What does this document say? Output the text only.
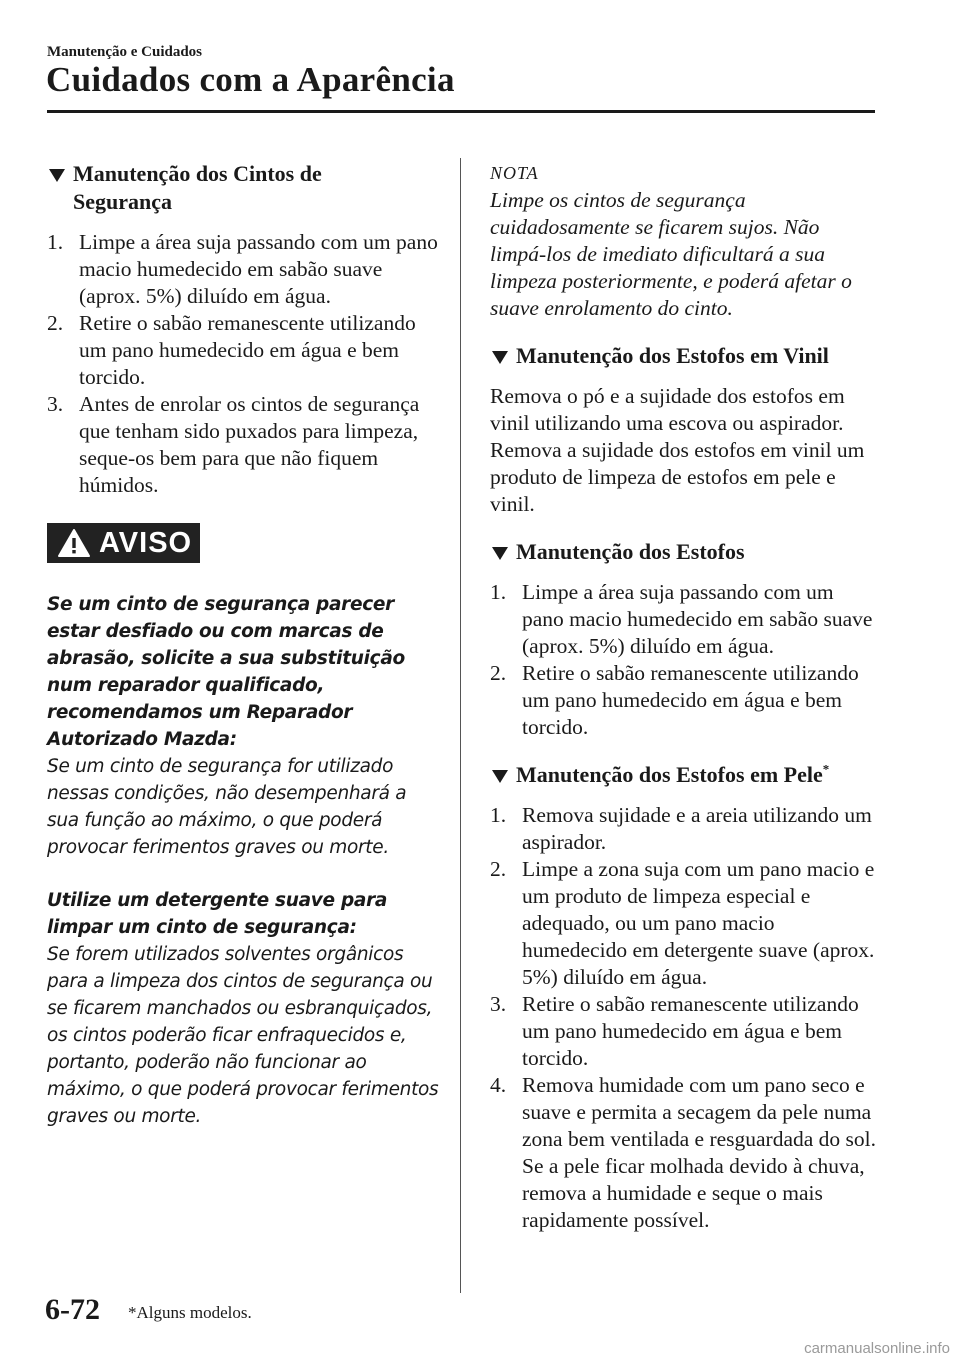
Manutenção e Cuidados
Cuidados com a Aparência
Manutenção dos Cintos de
Segurança
1. Limpe a área suja passando com um pano macio humedecido em sabão suave (aprox. 5%) diluído em água.
2. Retire o sabão remanescente utilizando um pano humedecido em água e bem torcido.
3. Antes de enrolar os cintos de segurança que tenham sido puxados para limpeza, seque-os bem para que não fiquem húmidos.
AVISO
Se um cinto de segurança parecer estar desfiado ou com marcas de abrasão, solicite a sua substituição num reparador qualificado, recomendamos um Reparador Autorizado Mazda:
Se um cinto de segurança for utilizado nessas condições, não desempenhará a sua função ao máximo, o que poderá provocar ferimentos graves ou morte.
Utilize um detergente suave para limpar um cinto de segurança:
Se forem utilizados solventes orgânicos para a limpeza dos cintos de segurança ou se ficarem manchados ou esbranquiçados, os cintos poderão ficar enfraquecidos e, portanto, poderão não funcionar ao máximo, o que poderá provocar ferimentos graves ou morte.
NOTA
Limpe os cintos de segurança cuidadosamente se ficarem sujos. Não limpá-los de imediato dificultará a sua limpeza posteriormente, e poderá afetar o suave enrolamento do cinto.
Manutenção dos Estofos em Vinil
Remova o pó e a sujidade dos estofos em vinil utilizando uma escova ou aspirador. Remova a sujidade dos estofos em vinil um produto de limpeza de estofos em pele e vinil.
Manutenção dos Estofos
1. Limpe a área suja passando com um pano macio humedecido em sabão suave (aprox. 5%) diluído em água.
2. Retire o sabão remanescente utilizando um pano humedecido em água e bem torcido.
Manutenção dos Estofos em Pele*
1. Remova sujidade e a areia utilizando um aspirador.
2. Limpe a zona suja com um pano macio e um produto de limpeza especial e adequado, ou um pano macio humedecido em detergente suave (aprox. 5%) diluído em água.
3. Retire o sabão remanescente utilizando um pano humedecido em água e bem torcido.
4. Remova humidade com um pano seco e suave e permita a secagem da pele numa zona bem ventilada e resguardada do sol. Se a pele ficar molhada devido à chuva, remova a humidade e seque o mais rapidamente possível.
6-72 *Alguns modelos.
carmanualsonline.info
